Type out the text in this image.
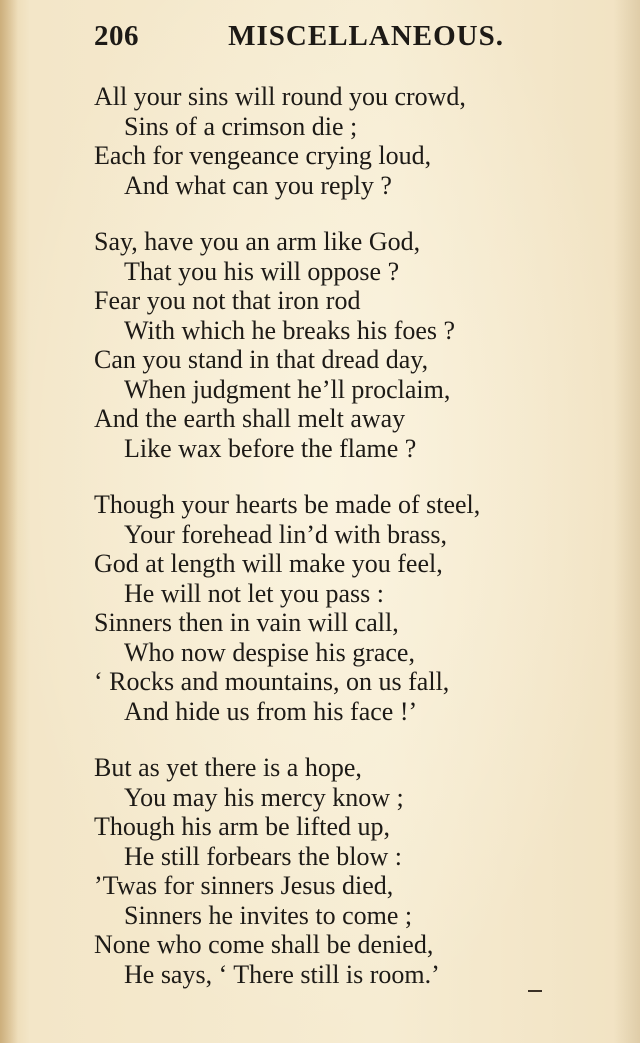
206	MISCELLANEOUS.
All your sins will round you crowd,
Sins of a crimson die ;
Each for vengeance crying loud,
And what can you reply ?
Say, have you an arm like God,
That you his will oppose ?
Fear you not that iron rod
With which he breaks his foes ?
Can you stand in that dread day,
When judgment he’ll proclaim,
And the earth shall melt away
Like wax before the flame ?
Though your hearts be made of steel,
Your forehead lin’d with brass,
God at length will make you feel,
He will not let you pass :
Sinners then in vain will call,
Who now despise his grace,
‘ Rocks and mountains, on us fall,
And hide us from his face !’
But as yet there is a hope,
You may his mercy know ;
Though his arm be lifted up,
He still forbears the blow :
’Twas for sinners Jesus died,
Sinners he invites to come ;
None who come shall be denied,
He says, ‘ There still is room.’
